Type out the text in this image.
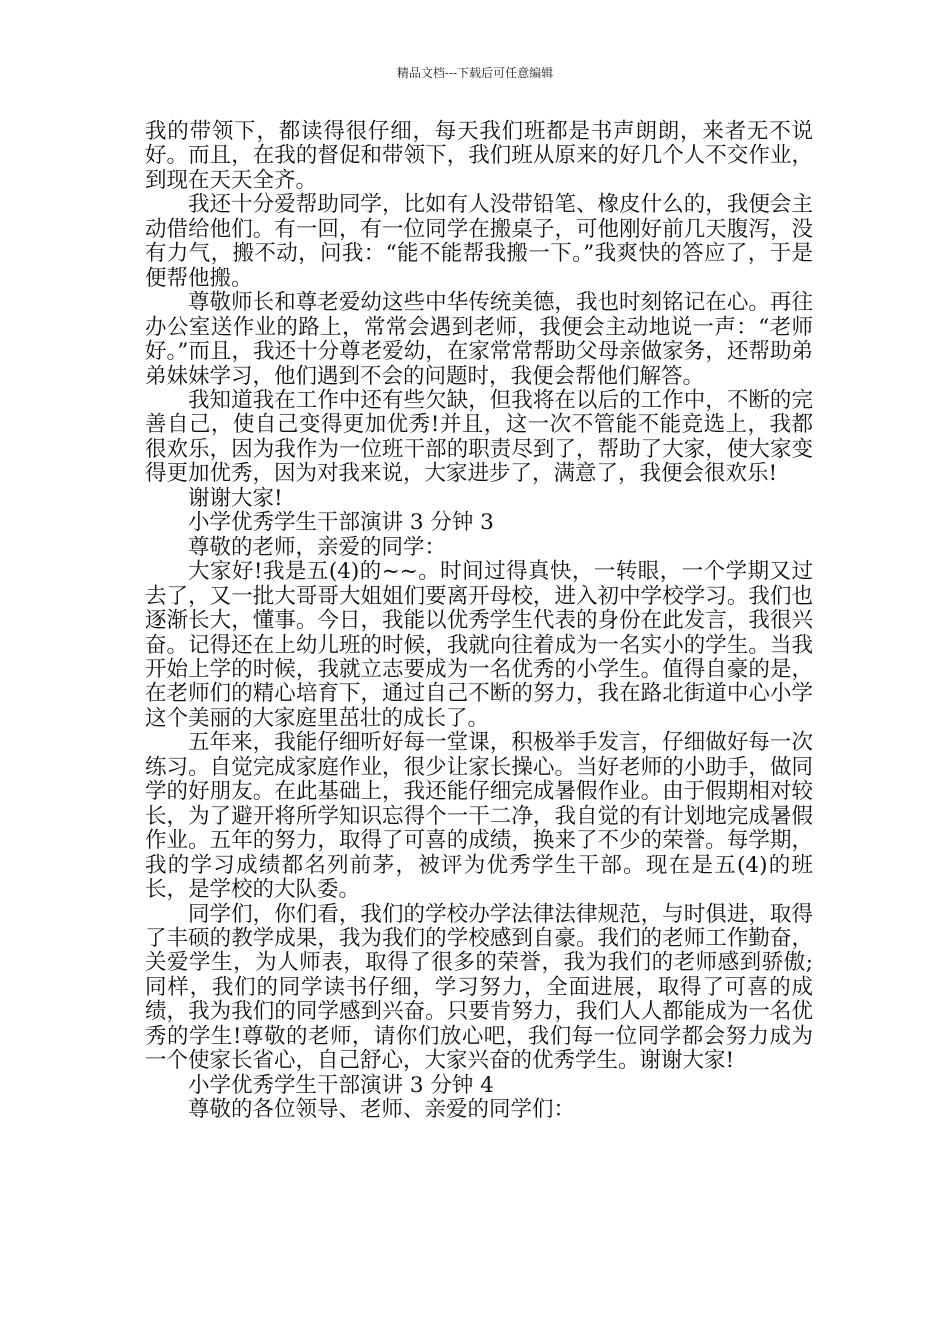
精品文档---下载后可任意编辑

我的带领下，都读得很仔细，每天我们班都是书声朗朗，来者无不说好。而且，在我的督促和带领下，我们班从原来的好几个人不交作业，到现在天天全齐。

我还十分爱帮助同学，比如有人没带铅笔、橡皮什么的，我便会主动借给他们。有一回，有一位同学在搬桌子，可他刚好前几天腹泻，没有力气，搬不动，问我：“能不能帮我搬一下。”我爽快的答应了，于是便帮他搬。

尊敬师长和尊老爱幼这些中华传统美德，我也时刻铭记在心。再往办公室送作业的路上，常常会遇到老师，我便会主动地说一声：“老师好。”而且，我还十分尊老爱幼，在家常常帮助父母亲做家务，还帮助弟弟妹妹学习，他们遇到不会的问题时，我便会帮他们解答。

我知道我在工作中还有些欠缺，但我将在以后的工作中，不断的完善自己，使自己变得更加优秀!并且，这一次不管能不能竞选上，我都很欢乐，因为我作为一位班干部的职责尽到了，帮助了大家，使大家变得更加优秀，因为对我来说，大家进步了，满意了，我便会很欢乐!

谢谢大家!

小学优秀学生干部演讲 3 分钟 3

尊敬的老师，亲爱的同学：

大家好!我是五(4)的~~。时间过得真快，一转眼，一个学期又过去了，又一批大哥哥大姐姐们要离开母校，进入初中学校学习。我们也逐渐长大，懂事。今日，我能以优秀学生代表的身份在此发言，我很兴奋。记得还在上幼儿班的时候，我就向往着成为一名实小的学生。当我开始上学的时候，我就立志要成为一名优秀的小学生。值得自豪的是，在老师们的精心培育下，通过自己不断的努力，我在路北街道中心小学这个美丽的大家庭里茁壮的成长了。

五年来，我能仔细听好每一堂课，积极举手发言，仔细做好每一次练习。自觉完成家庭作业，很少让家长操心。当好老师的小助手，做同学的好朋友。在此基础上，我还能仔细完成暑假作业。由于假期相对较长，为了避开将所学知识忘得个一干二净，我自觉的有计划地完成暑假作业。五年的努力，取得了可喜的成绩，换来了不少的荣誉。每学期，我的学习成绩都名列前茅，被评为优秀学生干部。现在是五(4)的班长，是学校的大队委。

同学们，你们看，我们的学校办学法律法律规范，与时俱进，取得了丰硕的教学成果，我为我们的学校感到自豪。我们的老师工作勤奋，关爱学生，为人师表，取得了很多的荣誉，我为我们的老师感到骄傲;同样，我们的同学读书仔细，学习努力，全面进展，取得了可喜的成绩，我为我们的同学感到兴奋。只要肯努力，我们人人都能成为一名优秀的学生!尊敬的老师，请你们放心吧，我们每一位同学都会努力成为一个使家长省心，自己舒心，大家兴奋的优秀学生。谢谢大家!

小学优秀学生干部演讲 3 分钟 4

尊敬的各位领导、老师、亲爱的同学们：
